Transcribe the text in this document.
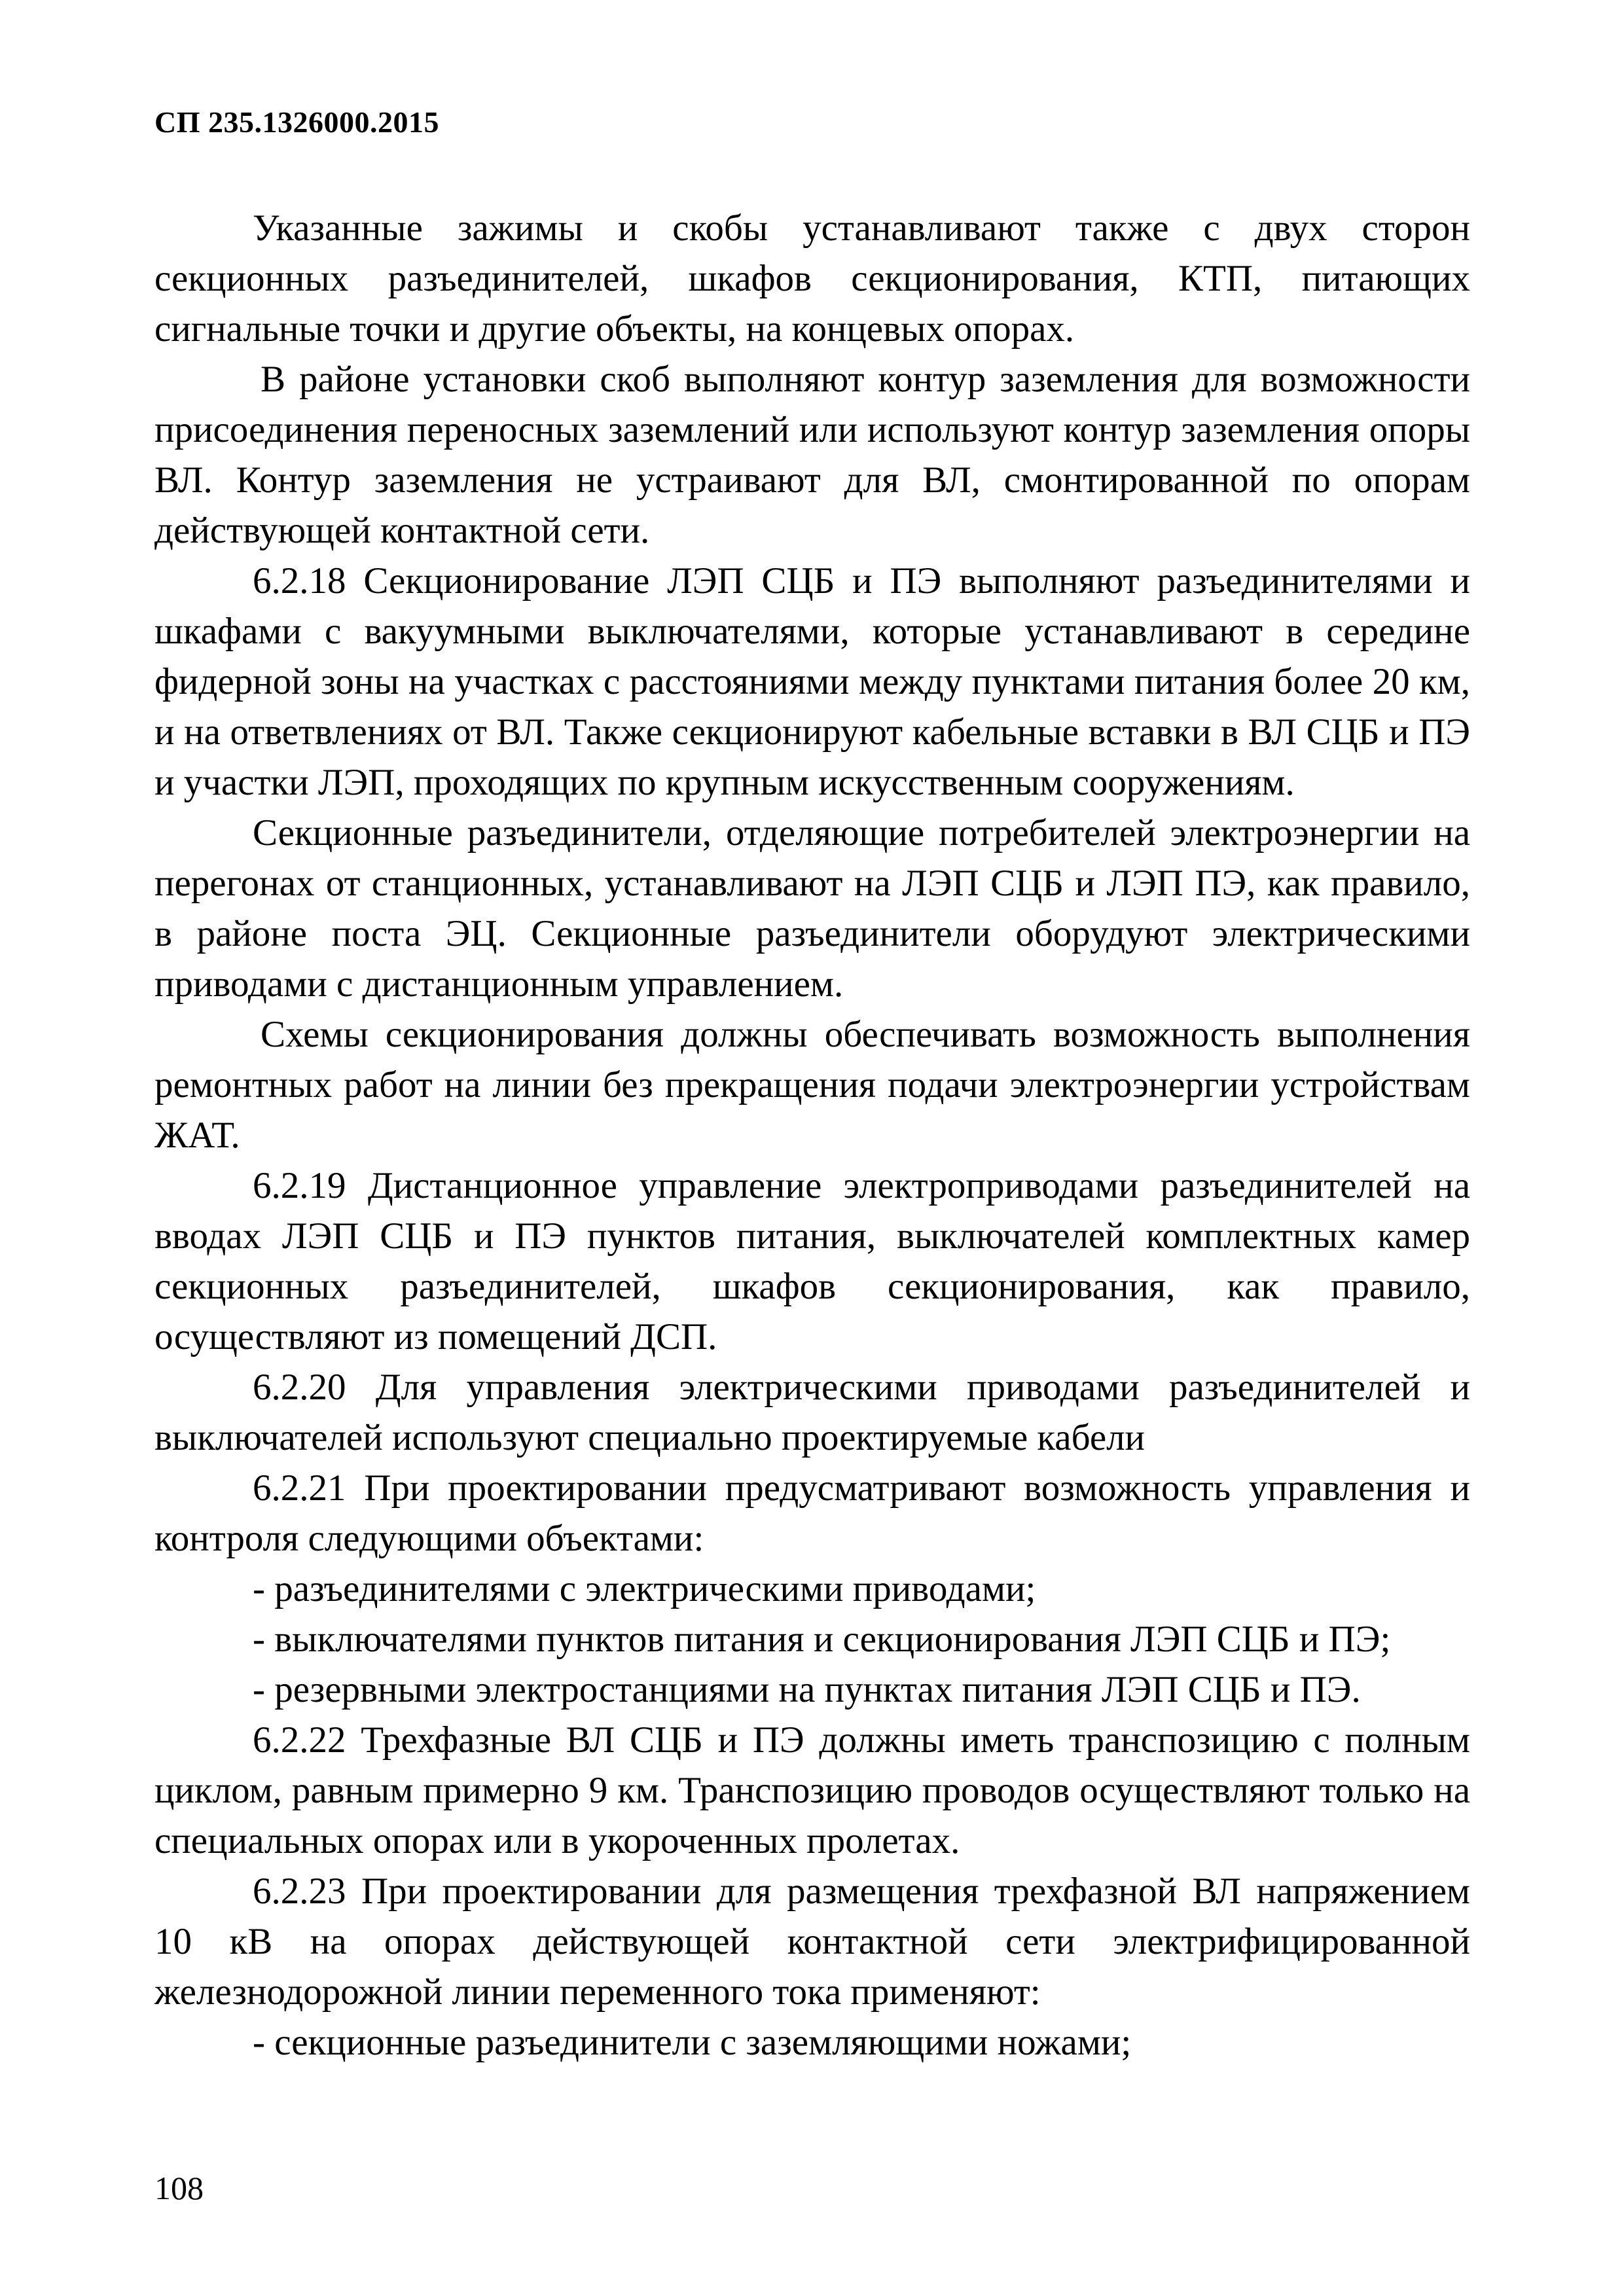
СП 235.1326000.2015

Указанные зажимы и скобы устанавливают также с двух сторон секционных разъединителей, шкафов секционирования, КТП, питающих сигнальные точки и другие объекты, на концевых опорах.

В районе установки скоб выполняют контур заземления для возможности присоединения переносных заземлений или используют контур заземления опоры ВЛ. Контур заземления не устраивают для ВЛ, смонтированной по опорам действующей контактной сети.

6.2.18 Секционирование ЛЭП СЦБ и ПЭ выполняют разъединителями и шкафами с вакуумными выключателями, которые устанавливают в середине фидерной зоны на участках с расстояниями между пунктами питания более 20 км, и на ответвлениях от ВЛ. Также секционируют кабельные вставки в ВЛ СЦБ и ПЭ и участки ЛЭП, проходящих по крупным искусственным сооружениям.

Секционные разъединители, отделяющие потребителей электроэнергии на перегонах от станционных, устанавливают на ЛЭП СЦБ и ЛЭП ПЭ, как правило, в районе поста ЭЦ. Секционные разъединители оборудуют электрическими приводами с дистанционным управлением.

Схемы секционирования должны обеспечивать возможность выполнения ремонтных работ на линии без прекращения подачи электроэнергии устройствам ЖАТ.

6.2.19 Дистанционное управление электроприводами разъединителей на вводах ЛЭП СЦБ и ПЭ пунктов питания, выключателей комплектных камер секционных разъединителей, шкафов секционирования, как правило, осуществляют из помещений ДСП.

6.2.20 Для управления электрическими приводами разъединителей и выключателей используют специально проектируемые кабели

6.2.21 При проектировании предусматривают возможность управления и контроля следующими объектами:

- разъединителями с электрическими приводами;

- выключателями пунктов питания и секционирования ЛЭП СЦБ и ПЭ;

- резервными электростанциями на пунктах питания ЛЭП СЦБ и ПЭ.

6.2.22 Трехфазные ВЛ СЦБ и ПЭ должны иметь транспозицию с полным циклом, равным примерно 9 км. Транспозицию проводов осуществляют только на специальных опорах или в укороченных пролетах.

6.2.23 При проектировании для размещения трехфазной ВЛ напряжением 10 кВ на опорах действующей контактной сети электрифицированной железнодорожной линии переменного тока применяют:

- секционные разъединители с заземляющими ножами;

108
